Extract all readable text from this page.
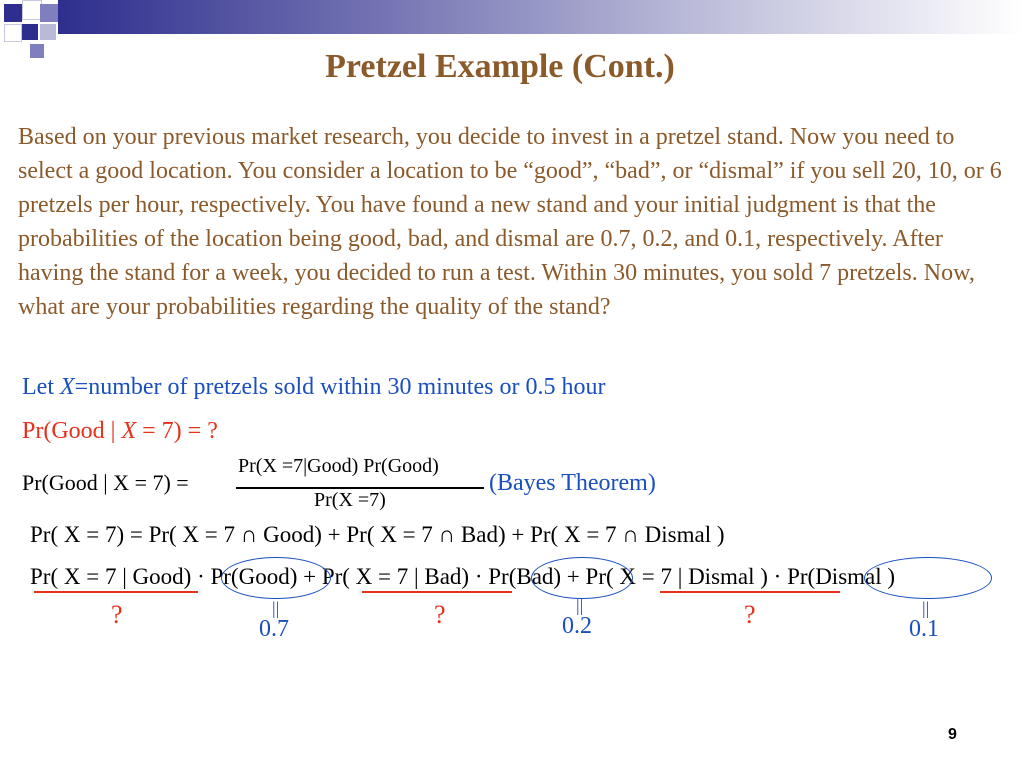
Pretzel Example (Cont.)

Based on your previous market research, you decide to invest in a pretzel stand. Now you need to select a good location. You consider a location to be “good”, “bad”, or “dismal” if you sell 20, 10, or 6 pretzels per hour, respectively. You have found a new stand and your initial judgment is that the probabilities of the location being good, bad, and dismal are 0.7, 0.2, and 0.1, respectively. After having the stand for a week, you decided to run a test. Within 30 minutes, you sold 7 pretzels. Now, what are your probabilities regarding the quality of the stand?

Let X=number of pretzels sold within 30 minutes or 0.5 hour
Pr(Good | X = 7) = ?
Pr(Good | X = 7) =
Pr(X =7|Good) Pr(Good)
Pr(X =7)
(Bayes Theorem)
Pr( X = 7) = Pr( X = 7 ∩ Good) + Pr( X = 7 ∩ Bad) + Pr( X = 7 ∩ Dismal )
Pr( X = 7 | Good) · Pr(Good) + Pr( X = 7 | Bad) · Pr(Bad) + Pr( X = 7 | Dismal ) · Pr(Dismal )
?	?	?
||
0.7
||
0.2
||
0.1
9
